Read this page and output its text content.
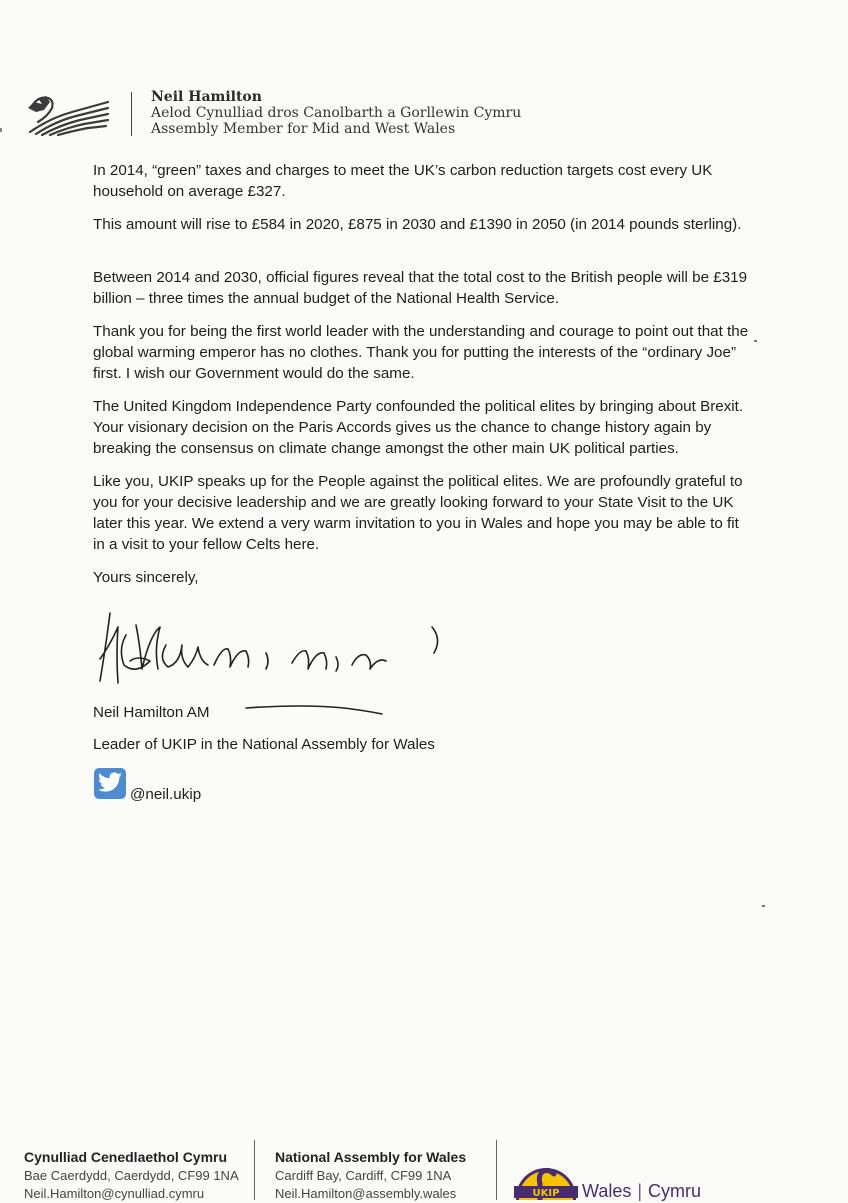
Neil Hamilton
Aelod Cynulliad dros Canolbarth a Gorllewin Cymru
Assembly Member for Mid and West Wales

In 2014, “green” taxes and charges to meet the UK’s carbon reduction targets cost every UK household on average £327.

This amount will rise to £584 in 2020, £875 in 2030 and £1390 in 2050 (in 2014 pounds sterling).

Between 2014 and 2030, official figures reveal that the total cost to the British people will be £319 billion – three times the annual budget of the National Health Service.

Thank you for being the first world leader with the understanding and courage to point out that the global warming emperor has no clothes. Thank you for putting the interests of the “ordinary Joe” first. I wish our Government would do the same.

The United Kingdom Independence Party confounded the political elites by bringing about Brexit. Your visionary decision on the Paris Accords gives us the chance to change history again by breaking the consensus on climate change amongst the other main UK political parties.

Like you, UKIP speaks up for the People against the political elites. We are profoundly grateful to you for your decisive leadership and we are greatly looking forward to your State Visit to the UK later this year. We extend a very warm invitation to you in Wales and hope you may be able to fit in a visit to your fellow Celts here.

Yours sincerely,

Neil Hamilton AM
Leader of UKIP in the National Assembly for Wales
@neil.ukip
Cynulliad Cenedlaethol Cymru
Bae Caerdydd, Caerdydd, CF99 1NA
Neil.Hamilton@cynulliad.cymru
National Assembly for Wales
Cardiff Bay, Cardiff, CF99 1NA
Neil.Hamilton@assembly.wales	UKIP Wales | Cymru
